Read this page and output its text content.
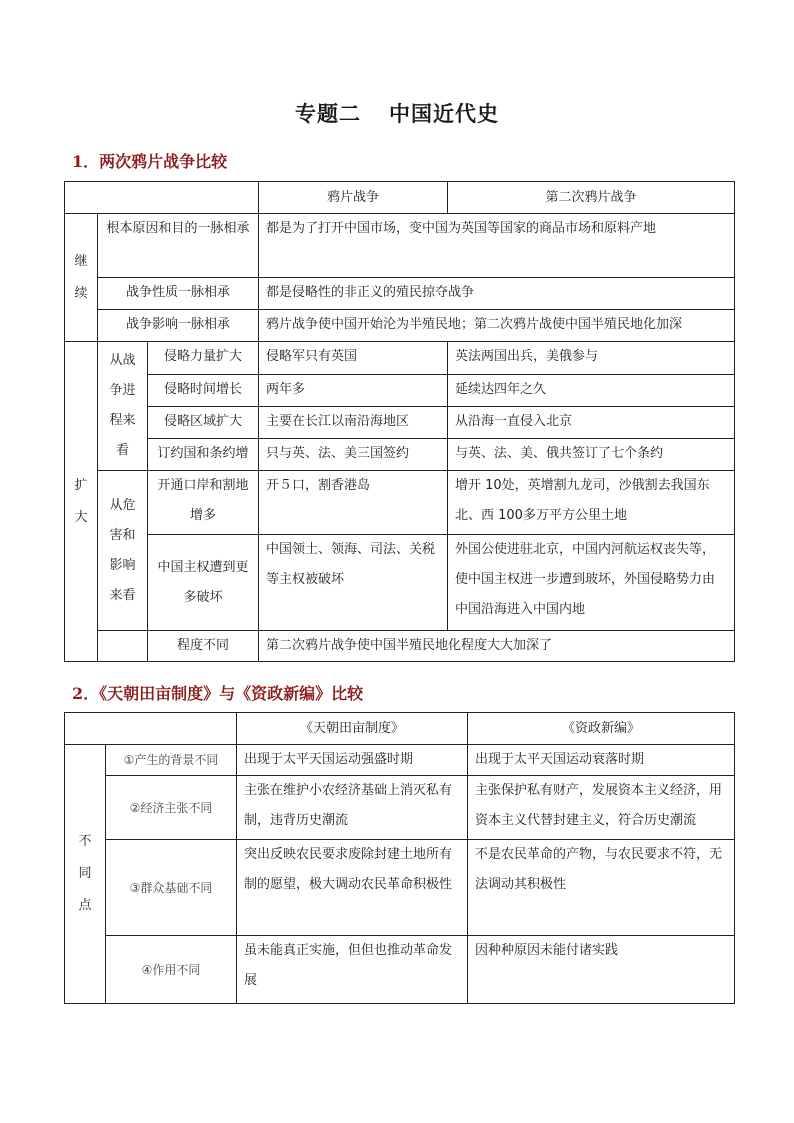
专题二 中国近代史
1．两次鸦片战争比较
			鸦片战争	第二次鸦片战争

继
续	根本原因和目的一脉相承		都是为了打开中国市场，变中国为英国等国家的商品市场和原料产地	
	战争性质一脉相承		都是侵略性的非正义的殖民掠夺战争	
	战争影响一脉相承		鸦片战争使中国开始沦为半殖民地；第二次鸦片战使中国半殖民地化加深	

扩
大	从战争进程来看	侵略力量扩大	侵略军只有英国	英法两国出兵，美俄参与
		侵略时间增长	两年多	延续达四年之久
		侵略区域扩大	主要在长江以南沿海地区	从沿海一直侵入北京
		订约国和条约增	只与英、法、美三国签约	与英、法、美、俄共签订了七个条约
	从危害和影响来看	开通口岸和割地增多	开５口，割香港岛	增开 10处，英增割九龙司，沙俄割去我国东北、西 100多万平方公里土地
		中国主权遭到更多破坏	中国领土、领海、司法、关税等主权被破坏	外国公使进驻北京，中国内河航运权丧失等，使中国主权进一步遭到玻坏，外国侵略势力由中国沿海进入中国内地
		程度不同	第二次鸦片战争使中国半殖民地化程度大大加深了	
2．《天朝田亩制度》与《资政新编》比较
		《天朝田亩制度》	《资政新编》

不
同
点	①产生的背景不同	出现于太平天国运动强盛时期	出现于太平天国运动衰落时期
	②经济主张不同	主张在维护小农经济基础上消灭私有制，违背历史潮流	主张保护私有财产，发展资本主义经济，用资本主义代替封建主义，符合历史潮流
	③群众基础不同	突出反映农民要求废除封建土地所有制的愿望，极大调动农民革命积极性	不是农民革命的产物，与农民要求不符，无法调动其积极性
	④作用不同	虽未能真正实施，但但也推动革命发展	因种种原因未能付诸实践
